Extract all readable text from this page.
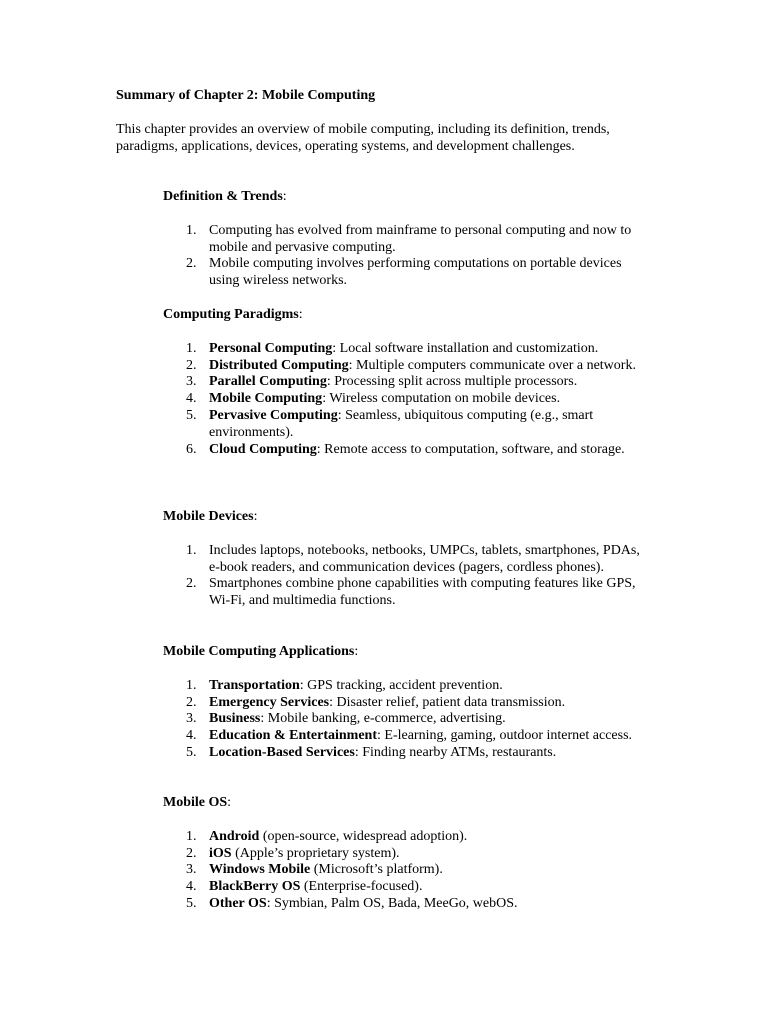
Summary of Chapter 2: Mobile Computing

This chapter provides an overview of mobile computing, including its definition, trends, paradigms, applications, devices, operating systems, and development challenges.

Definition & Trends:

1. Computing has evolved from mainframe to personal computing and now to mobile and pervasive computing.
2. Mobile computing involves performing computations on portable devices using wireless networks.

Computing Paradigms:

1. Personal Computing: Local software installation and customization.
2. Distributed Computing: Multiple computers communicate over a network.
3. Parallel Computing: Processing split across multiple processors.
4. Mobile Computing: Wireless computation on mobile devices.
5. Pervasive Computing: Seamless, ubiquitous computing (e.g., smart environments).
6. Cloud Computing: Remote access to computation, software, and storage.

Mobile Devices:

1. Includes laptops, notebooks, netbooks, UMPCs, tablets, smartphones, PDAs, e-book readers, and communication devices (pagers, cordless phones).
2. Smartphones combine phone capabilities with computing features like GPS, Wi-Fi, and multimedia functions.

Mobile Computing Applications:

1. Transportation: GPS tracking, accident prevention.
2. Emergency Services: Disaster relief, patient data transmission.
3. Business: Mobile banking, e-commerce, advertising.
4. Education & Entertainment: E-learning, gaming, outdoor internet access.
5. Location-Based Services: Finding nearby ATMs, restaurants.

Mobile OS:

1. Android (open-source, widespread adoption).
2. iOS (Apple’s proprietary system).
3. Windows Mobile (Microsoft’s platform).
4. BlackBerry OS (Enterprise-focused).
5. Other OS: Symbian, Palm OS, Bada, MeeGo, webOS.
